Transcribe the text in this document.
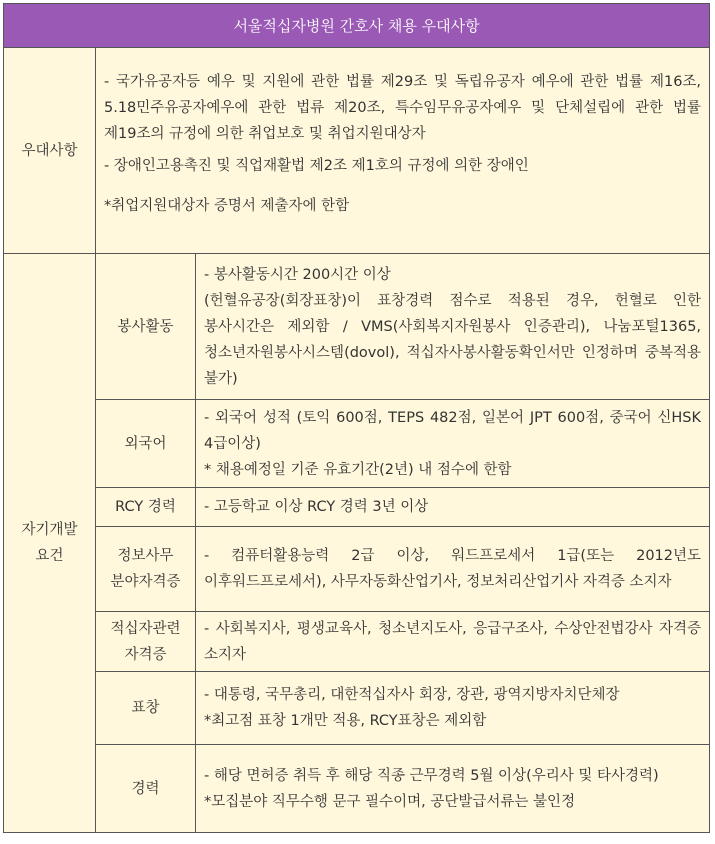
서울적십자병원 간호사 채용 우대사항		
우대사항	- 국가유공자등 예우 및 지원에 관한 법률 제29조 및 독립유공자 예우에 관한 법률 제16조, 5.18민주유공자예우에 관한 법류 제20조, 특수임무유공자예우 및 단체설립에 관한 법률 제19조의 규정에 의한 취업보호 및 취업지원대상자
- 장애인고용촉진 및 직업재활법 제2조 제1호의 규정에 의한 장애인
*취업지원대상자 증명서 제출자에 한함	

자기개발
요건	봉사활동	- 봉사활동시간 200시간 이상
(헌혈유공장(회장표창)이 표창경력 점수로 적용된 경우, 헌혈로 인한 봉사시간은 제외함 / VMS(사회복지자원봉사 인증관리), 나눔포털1365, 청소년자원봉사시스템(dovol), 적십자사봉사활동확인서만 인정하며 중복적용 불가)

	외국어	- 외국어 성적 (토익 600점, TEPS 482점, 일본어 JPT 600점, 중국어 신HSK 4급이상)
* 채용예정일 기준 유효기간(2년) 내 점수에 한함

	RCY 경력	- 고등학교 이상 RCY 경력 3년 이상

	정보사무
분야자격증	- 컴퓨터활용능력 2급 이상, 워드프로세서 1급(또는 2012년도 이후워드프로세서), 사무자동화산업기사, 정보처리산업기사 자격증 소지자

	적십자관련
자격증	- 사회복지사, 평생교육사, 청소년지도사, 응급구조사, 수상안전법강사 자격증 소지자

	표창	- 대통령, 국무총리, 대한적십자사 회장, 장관, 광역지방자치단체장
*최고점 표창 1개만 적용, RCY표창은 제외함

	경력	- 해당 면허증 취득 후 해당 직종 근무경력 5월 이상(우리사 및 타사경력)
*모집분야 직무수행 문구 필수이며, 공단발급서류는 불인정
